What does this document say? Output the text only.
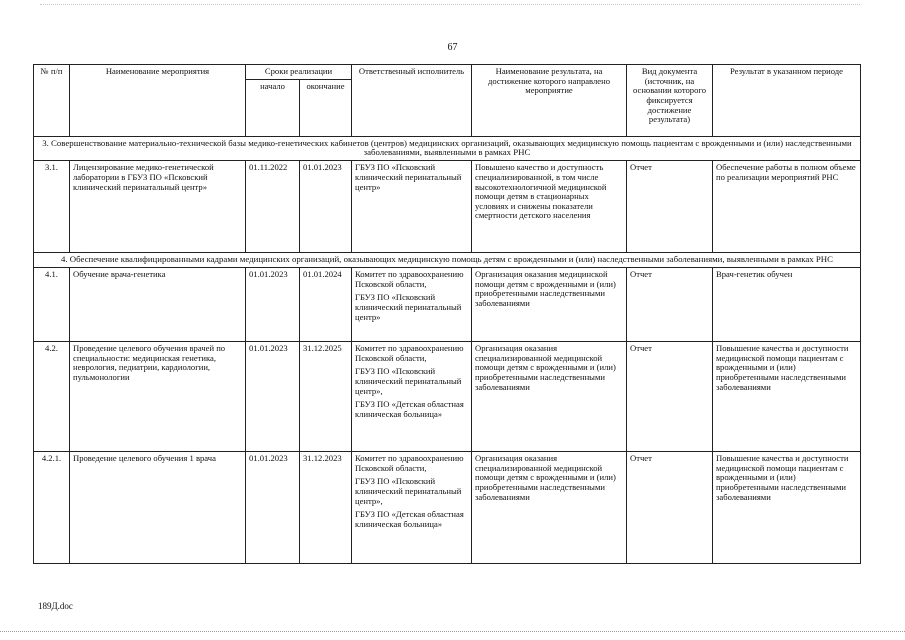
67
№ п/п	Наименование мероприятия	Сроки реализации		Ответственный исполнитель	Наименование результата, на достижение которого направлено мероприятие	Вид документа (источник, на основании которого фиксируется достижение результата)	Результат в указанном периоде
		начало	окончание				
3. Совершенствование материально-технической базы медико-генетических кабинетов (центров) медицинских организаций, оказывающих медицинскую помощь пациентам с врожденными и (или) наследственными заболеваниями, выявленными в рамках РНС							
3.1.	Лицензирование медико-генетической лаборатории в ГБУЗ ПО «Псковский клинический перинатальный центр»	01.11.2022	01.01.2023	ГБУЗ ПО «Псковский клинический перинатальный центр»	Повышено качество и доступность специализированной, в том числе высокотехнологичной медицинской помощи детям в стационарных условиях и снижены показатели смертности детского населения	Отчет	Обеспечение работы в полном объеме по реализации мероприятий РНС
4. Обеспечение квалифицированными кадрами медицинских организаций, оказывающих медицинскую помощь детям с врожденными и (или) наследственными заболеваниями, выявленными в рамках РНС							
4.1.	Обучение врача-генетика	01.01.2023	01.01.2024	Комитет по здравоохранению Псковской области,

ГБУЗ ПО «Псковский клинический перинатальный центр»	Организация оказания медицинской помощи детям с врожденными и (или) приобретенными наследственными заболеваниями	Отчет	Врач-генетик обучен
4.2.	Проведение целевого обучения врачей по специальности: медицинская генетика, неврология, педиатрии, кардиологии, пульмонологии	01.01.2023	31.12.2025	Комитет по здравоохранению Псковской области,

ГБУЗ ПО «Псковский клинический перинатальный центр»,

ГБУЗ ПО «Детская областная клиническая больница»	Организация оказания специализированной медицинской помощи детям с врожденными и (или) приобретенными наследственными заболеваниями	Отчет	Повышение качества и доступности медицинской помощи пациентам с врожденными и (или) приобретенными наследственными заболеваниями
4.2.1.	Проведение целевого обучения 1 врача	01.01.2023	31.12.2023	Комитет по здравоохранению Псковской области,

ГБУЗ ПО «Псковский клинический перинатальный центр»,

ГБУЗ ПО «Детская областная клиническая больница»	Организация оказания специализированной медицинской помощи детям с врожденными и (или) приобретенными наследственными заболеваниями	Отчет	Повышение качества и доступности медицинской помощи пациентам с врожденными и (или) приобретенными наследственными заболеваниями
189Д.doc
